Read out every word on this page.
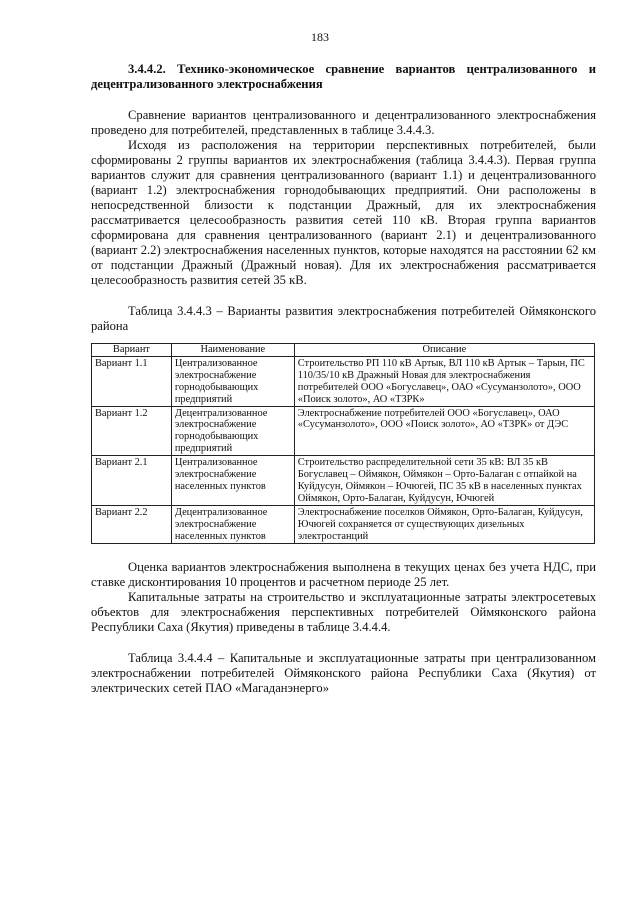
183

3.4.4.2. Технико-экономическое сравнение вариантов централизованного и децентрализованного электроснабжения

Сравнение вариантов централизованного и децентрализованного электроснабжения проведено для потребителей, представленных в таблице 3.4.4.3.

Исходя из расположения на территории перспективных потребителей, были сформированы 2 группы вариантов их электроснабжения (таблица 3.4.4.3). Первая группа вариантов служит для сравнения централизованного (вариант 1.1) и децентрализованного (вариант 1.2) электроснабжения горнодобывающих предприятий. Они расположены в непосредственной близости к подстанции Дражный, для их электроснабжения рассматривается целесообразность развития сетей 110 кВ. Вторая группа вариантов сформирована для сравнения централизованного (вариант 2.1) и децентрализованного (вариант 2.2) электроснабжения населенных пунктов, которые находятся на расстоянии 62 км от подстанции Дражный (Дражный новая). Для их электроснабжения рассматривается целесообразность развития сетей 35 кВ.

Таблица 3.4.4.3 – Варианты развития электроснабжения потребителей Оймяконского района

Вариант	Наименование	Описание
Вариант 1.1	Централизованное электроснабжение горнодобывающих предприятий	Строительство РП 110 кВ Артык, ВЛ 110 кВ Артык – Тарын, ПС 110/35/10 кВ Дражный Новая для электроснабжения потребителей ООО «Богуславец», ОАО «Сусуманзолото», ООО «Поиск золото», АО «ТЗРК»
Вариант 1.2	Децентрализованное электроснабжение горнодобывающих предприятий	Электроснабжение потребителей ООО «Богуславец», ОАО «Сусуманзолото», ООО «Поиск золото», АО «ТЗРК» от ДЭС
Вариант 2.1	Централизованное электроснабжение населенных пунктов	Строительство распределительной сети 35 кВ: ВЛ 35 кВ Богуславец – Оймякон, Оймякон – Орто-Балаган с отпайкой на Куйдусун, Оймякон – Ючюгей, ПС 35 кВ в населенных пунктах Оймякон, Орто-Балаган, Куйдусун, Ючюгей
Вариант 2.2	Децентрализованное электроснабжение населенных пунктов	Электроснабжение поселков Оймякон, Орто-Балаган, Куйдусун, Ючюгей сохраняется от существующих дизельных электростанций

Оценка вариантов электроснабжения выполнена в текущих ценах без учета НДС, при ставке дисконтирования 10 процентов и расчетном периоде 25 лет.

Капитальные затраты на строительство и эксплуатационные затраты электросетевых объектов для электроснабжения перспективных потребителей Оймяконского района Республики Саха (Якутия) приведены в таблице 3.4.4.4.

Таблица 3.4.4.4 – Капитальные и эксплуатационные затраты при централизованном электроснабжении потребителей Оймяконского района Республики Саха (Якутия) от электрических сетей ПАО «Магаданэнерго»
